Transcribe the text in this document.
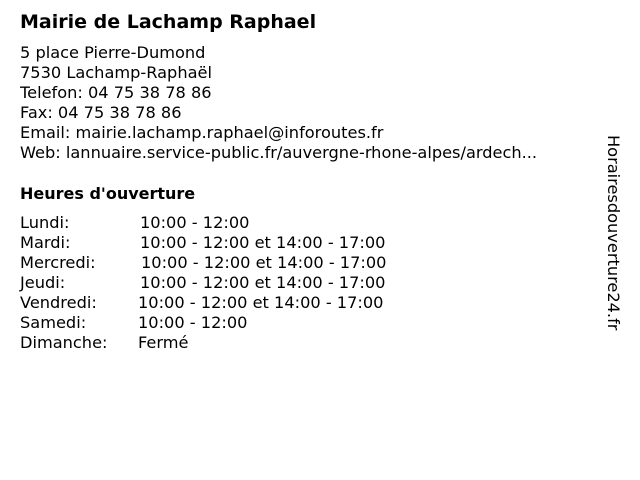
Mairie de Lachamp Raphael
5 place Pierre-Dumond
7530 Lachamp-Raphaël
Telefon: 04 75 38 78 86
Fax: 04 75 38 78 86
Email: mairie.lachamp.raphael@inforoutes.fr
Web: lannuaire.service-public.fr/auvergne-rhone-alpes/ardech...
Heures d'ouverture
Lundi:	10:00 - 12:00
Mardi:	10:00 - 12:00 et 14:00 - 17:00
Mercredi:	10:00 - 12:00 et 14:00 - 17:00
Jeudi:	10:00 - 12:00 et 14:00 - 17:00
Vendredi:	10:00 - 12:00 et 14:00 - 17:00
Samedi:	10:00 - 12:00
Dimanche: Fermé
Horairesdouverture24.fr
